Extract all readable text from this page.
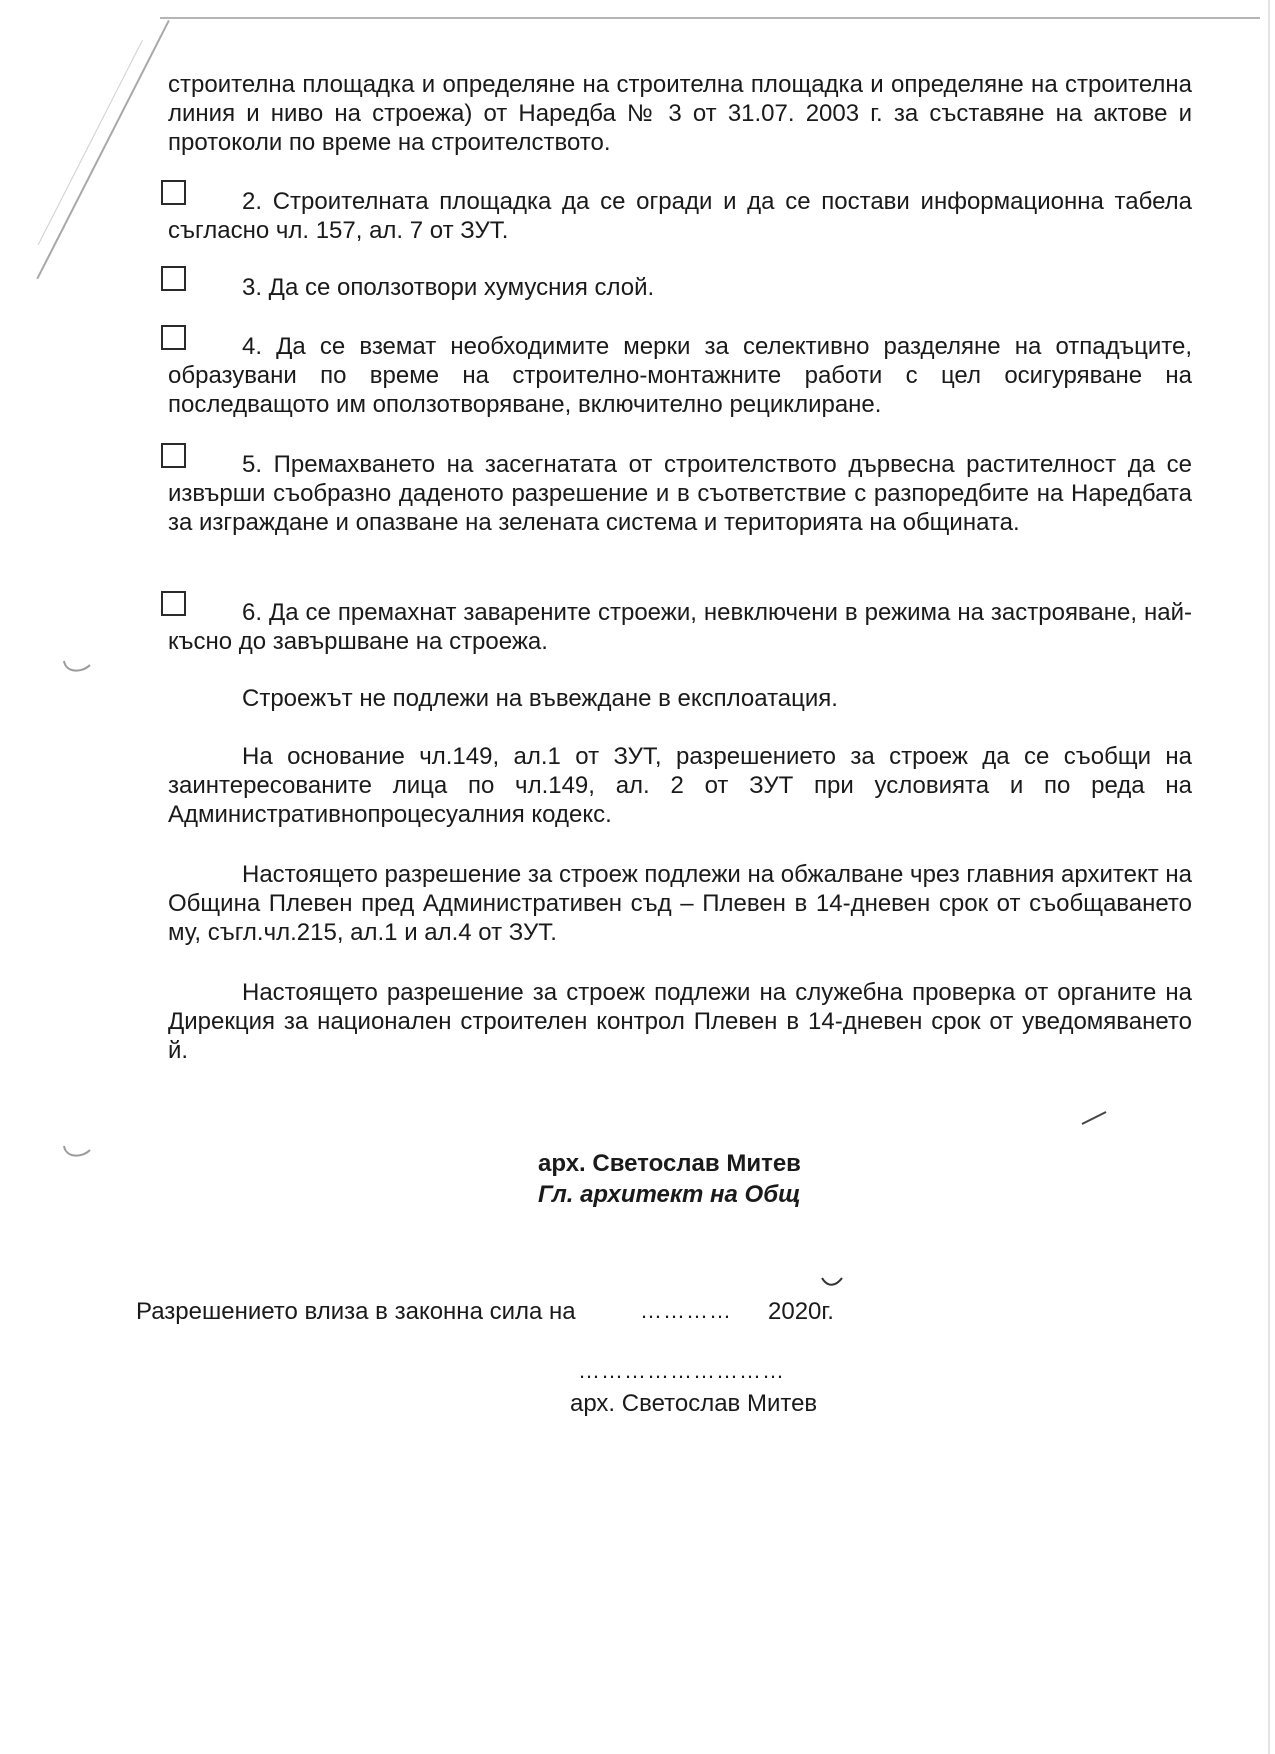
строителна площадка и определяне на строителна площадка и определяне на строителна линия и ниво на строежа) от Наредба № 3 от 31.07. 2003 г. за съставяне на актове и протоколи по време на строителството.
2. Строителната площадка да се огради и да се постави информационна табела съгласно чл. 157, ал. 7 от ЗУТ.
3. Да се оползотвори хумусния слой.
4. Да се вземат необходимите мерки за селективно разделяне на отпадъците, образувани по време на строително-монтажните работи с цел осигуряване на последващото им оползотворяване, включително рециклиране.
5. Премахването на засегнатата от строителството дървесна растителност да се извърши съобразно даденото разрешение и в съответствие с разпоредбите на Наредбата за изграждане и опазване на зелената система и територията на общината.
6. Да се премахнат заварените строежи, невключени в режима на застрояване, най-късно до завършване на строежа.
Строежът не подлежи на въвеждане в експлоатация.
На основание чл.149, ал.1 от ЗУТ, разрешението за строеж да се съобщи на заинтересованите лица по чл.149, ал. 2 от ЗУТ при условията и по реда на Административнопроцесуалния кодекс.
Настоящето разрешение за строеж подлежи на обжалване чрез главния архитект на Община Плевен пред Административен съд – Плевен в 14-дневен срок от съобщаването му, съгл.чл.215, ал.1 и ал.4 от ЗУТ.
Настоящето разрешение за строеж подлежи на служебна проверка от органите на Дирекция за национален строителен контрол Плевен в 14-дневен срок от уведомяването й.
арх. Светослав Митев
Гл. архитект на Общ
Разрешението влиза в законна сила на	………… 2020г.
………………………
арх. Светослав Митев
